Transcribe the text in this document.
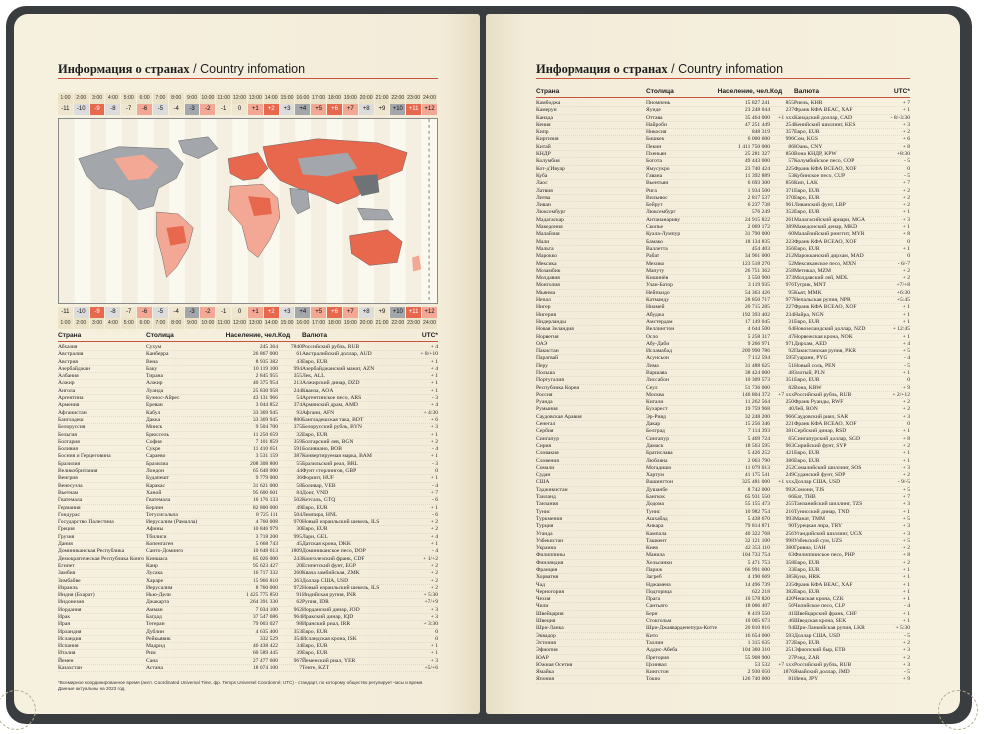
Информация о странах / Country infomation
1:00	2:00	3:00	4:00	5:00	6:00	7:00	8:00	9:00 10:00 11:00 12:00 13:00 14:00 15:00 16:00 17:00 18:00 19:00 20:00 21:00 22:00 23:00 24:00
-11	-10	-9	-8	-7	-6	-5	-4	-3	-2	-1	0	+1	+2	+3	+4	+5	+6	+7	+8	+9	+10 +11 +12
-11	-10	-9	-8	-7	-6	-5	-4	-3	-2	-1	0	+1	+2	+3	+4	+5	+6	+7	+8	+9	+10 +11 +12
1:00	2:00	3:00	4:00	5:00	6:00	7:00	8:00	9:00 10:00 11:00 12:00 13:00 14:00 15:00 16:00 17:00 18:00 19:00 20:00 21:00 22:00 23:00 24:00
Страна	Столица	Население, чел. Код Валюта	UTC*
Абхазия	Сухум	245 364	7840 Российский рубль, RUB	+ 4
Австралия	Канберра	26 867 000	61 Австралийский доллар, AUD	+ 8/+10
Австрия	Вена	8 935 382	43 Евро, EUR	+ 1
Азербайджан	Баку	10 119 100	994 Азербайджанский манат, AZN	+ 4
Албания	Тирана	2 845 955	355 Лек, ALL	+ 1
Алжир	Алжир	40 375 954	213 Алжирский динар, DZD	+ 1
Ангола	Луанда	25 830 958	244 Кванза, AOA	+ 1
Аргентина	Буэнос-Айрес	43 131 966	54 Аргентинское песо, ARS	- 3
Армения	Ереван	3 044 852	374 Армянский драм, AMD	+ 4
Афганистан	Кабул	33 369 945	93 Афгани, AFN	+ 4:30
Бангладеш	Дакка	33 369 945	880 Бангладешская така, BDT	+ 6
Белоруссия	Минск	9 504 700	375 Белорусский рубль, BYN	+ 3
Бельгия	Брюссель	11 250 659	32 Евро, EUR	+ 1
Болгария	София	7 101 859	359 Болгарский лев, BGN	+ 2
Боливия	Сукре	11 410 651	591 Боливиано, BOB	- 4
Босния и Герцеговина	Сараево	3 531 159	387 Конвертируемая марка, BAM	+ 1
Бразилия	Бразилиа	208 308 800	55 Бразильский реал, BRL	- 3
Великобритания	Лондон	65 648 000	44 Фунт стерлингов, GBP	0
Венгрия	Будапешт	9 779 000	36 Форинт, HUF	+ 1
Венесуэла	Каракас	31 621 000	58 Боливар, VEB	- 4
Вьетнам	Ханой	95 600 601	84 Донг, VND	+ 7
Гватемала	Гватемала	16 176 133	502 Кетсаль, GTQ	- 6
Германия	Берлин	82 800 000	49 Евро, EUR	+ 1
Гондурас	Тегусигальпа	8 725 111	504 Лемпира, HNL	- 6
Государство Палестина	Иерусалим (Рамалла)	4 760 008	970 Новый израильский шекель, ILS	+ 2
Греция	Афины	10 846 979	30 Евро, EUR	+ 2
Грузия	Тбилиси	3 718 200	995 Лари, GEL	+ 4
Дания	Копенгаген	5 668 743	45 Датская крона, DKK	+ 1
Доминиканская Республика	Санто-Доминго	10 648 613	1809 Доминиканское песо, DOP	- 4
Демократическая Республика Конго Киншаса	85 026 000	243 Конголезский франк, CDF	+ 1/+2
Египет	Каир	95 623 427	20 Египетский фунт, EGP	+ 2
Замбия	Лусака	16 717 332	260 Квача замбийская, ZMK	+ 2
Зимбабве	Хараре	15 966 810	263 Доллар США, USD	+ 2
Израиль	Иерусалим	8 760 000	972 Новый израильский шекель, ILS	+ 2
Индия (Бхарат)	Нью-Дели	1 425 775 850	91 Индийская рупия, INR	+ 5:30
Индонезия	Джакарта	264 391 330	62 Рупия, IDR	+7/+9
Иордания	Амман	7 034 100	962 Иорданский динар, JOD	+ 3
Ирак	Багдад	37 547 686	964 Иракский динар, IQD	+ 3
Иран	Тегеран	79 003 027	98 Иранский риал, IRR	+ 3:30
Ирландия	Дублин	4 635 400	353 Евро, EUR	0
Исландия	Рейкьявик	332 529	354 Исландская крона, ISK	0
Испания	Мадрид	46 438 422	34 Евро, EUR	+ 1
Италия	Рим	60 589 445	39 Евро, EUR	+ 1
Йемен	Сана	27 477 600	967 Йеменский риал, YER	+ 3
Казахстан	Астана	18 074 100	7 Тенге, KZT	+5/+6
*Всемирное координированное время (англ. Coordinated Universal Time, фр. Temps Universel Coordonné; UTC) - стандарт, по которому общество регулирует часы и время. Данные актуальны на 2023 год.
Информация о странах / Country infomation
Страна	Столица	Население, чел. Код Валюта	UTC*
Камбоджа	Пномпень	15 827 241	855 Риель, KHR	+ 7
Камерун	Яунде	23 248 044	237 Франк КФА ВЕАС, XAF	+ 1
Канада	Оттава	35 464 000	+1 ххх Канадский доллар, CAD	- 8/-3:30
Кения	Найроби	47 251 449	254 Кенийский шиллинг, KES	+ 3
Кипр	Никосия	848 319	357 Евро, EUR	+ 2
Киргизия	Бишкек	6 000 600	996 Сом, KGS	+ 6
Китай	Пекин	1 411 750 000	86 Юань, CNY	+ 8
КНДР	Пхеньян	25 281 327	850 Вона КНДР, KPW	+8:30
Колумбия	Богота	49 443 000	57 Колумбийское песо, COP	- 5
Кот-д'Ивуар	Ямусукро	23 740 424	225 Франк КФА ВСЕАО, XOF	0
Куба	Гавана	11 392 889	53 Кубинское песо, CUP	- 5
Лаос	Вьентьян	6 693 300	856 Кип, LAK	+ 7
Латвия	Рига	1 934 500	371 Евро, EUR	+ 2
Литва	Вильнюс	2 817 537	370 Евро, EUR	+ 2
Ливан	Бейрут	6 237 738	961 Ливанский фунт, LBP	+ 2
Люксембург	Люксембург	576 249	352 Евро, EUR	+ 1
Мадагаскар	Антананариву	24 915 822	261 Малагасийский ариари, MGA	+ 3
Македония	Скопье	2 069 172	389 Македонский денар, MKD	+ 1
Малайзия	Куала-Лумпур	31 790 000	60 Малайзийский ринггит, MYR	+ 8
Мали	Бамако	18 134 835	223 Франк КФА ВСЕАО, XOF	0
Мальта	Валлетта	454 403	356 Евро, EUR	+ 1
Марокко	Рабат	34 961 000	212 Марокканский дирхам, MAD	0
Мексика	Мехико	123 518 270	52 Мексиканское песо, MXN	- 6/-7
Мозамбик	Мапуту	26 751 362	258 Метикал, MZM	+ 2
Молдавия	Кишинёв	3 550 900	373 Молдавский лей, MDL	+ 2
Монголия	Улан-Батор	3 119 935	976 Тугрик, MNT	+7/+8
Мьянма	Нейпьидо	54 363 426	95 Кьят, MMK	+6:30
Непал	Катманду	28 850 717	977 Непальская рупия, NPR	+5:45
Нигер	Ниамей	20 715 285	227 Франк КФА ВСЕАО, XOF	+ 1
Нигерия	Абуджа	192 393 402	234 Найра, NGN	+ 1
Нидерланды	Амстердам	17 149 045	31 Евро, EUR	+ 1
Новая Зеландия	Веллингтон	4 644 500	64 Новозеландский доллар, NZD	+ 12:45
Норвегия	Осло	5 258 317	47 Норвежская крона, NOK	+ 1
ОАЭ	Абу-Даби	9 266 971	971 Дирхам, AED	+ 4
Пакистан	Исламабад	209 990 786	92 Пакистанская рупия, PKR	+ 5
Парагвай	Асунсьон	7 112 594	595 Гуарани, PYG	- 4
Перу	Лима	31 488 625	51 Новый соль, PEN	- 5
Польша	Варшава	38 424 000	48 Злотый, PLN	+ 1
Португалия	Лиссабон	10 309 573	351 Евро, EUR	0
Республика Корея	Сеул	51 736 000	82 Вона, KRW	+ 9
Россия	Москва	146 804 372	+7 ххх Российский рубль, RUB	+ 2/+12
Руанда	Кигали	11 262 564	250 Франк Руанды, RWF	+ 2
Румыния	Бухарест	19 759 968	40 Лей, RON	+ 2
Саудовская Аравия	Эр-Рияд	32 248 200	966 Саудовский риял, SAR	+ 3
Сенегал	Дакар	15 256 346	221 Франк КФА ВСЕАО, XOF	0
Сербия	Белград	7 114 393	381 Сербский динар, RSD	+ 1
Сингапур	Сингапур	5 469 724	65 Сингапурский доллар, SGD	+ 8
Сирия	Дамаск	18 563 595	963 Сирийский фунт, SYP	+ 2
Словакия	Братислава	5 426 252	421 Евро, EUR	+ 1
Словения	Любляна	2 063 790	386 Евро, EUR	+ 1
Сомали	Могадишо	11 079 013	252 Сомалийский шиллинг, SOS	+ 3
Судан	Хартум	41 175 541	249 Суданский фунт, SDP	+ 2
США	Вашингтон	325 481 000	+1 ххх Доллар США, USD	- 9/-5
Таджикистан	Душанбе	8 742 000	992 Сомони, TJS	+ 5
Таиланд	Бангкок	65 931 550	66 Бат, THB	+ 7
Танзания	Додома	55 155 473	255 Танзанийский шиллинг, TZS	+ 3
Тунис	Тунис	10 982 754	216 Тунисский динар, TND	+ 1
Туркмения	Ашхабад	5 438 670	993 Манат, TMM	+ 5
Турция	Анкара	79 814 871	90 Турецкая лира, TRY	+ 3
Уганда	Кампала	40 322 768	256 Угандийский шиллинг, UGX	+ 3
Узбекистан	Ташкент	32 121 100	998 Узбекский сум, UZS	+ 5
Украина	Киев	42 353 110	380 Гривна, UAH	+ 2
Филиппины	Манила	104 733 754	63 Филиппинское песо, PHP	+ 8
Финляндия	Хельсинки	5 471 753	358 Евро, EUR	+ 2
Франция	Париж	66 991 000	33 Евро, EUR	+ 1
Хорватия	Загреб	4 190 669	385 Куна, HRK	+ 1
Чад	Нджамена	14 496 739	235 Франк КФА ВЕАС, XAF	+ 1
Черногория	Подгорица	622 218	382 Евро, EUR	+ 1
Чехия	Прага	10 578 820	420 Чешская крона, CZK	+ 1
Чили	Сантьяго	18 006 407	56 Чилийское песо, CLP	- 4
Швейцария	Берн	8 419 550	41 Швейцарский франк, CHF	+ 1
Швеция	Стокгольм	10 005 673	46 Шведская крона, SEK	+ 1
Шри-Ланка	Шри-Джаяварденепура-Котте	20 810 816	94 Шри-Ланкийская рупия, LKR	+ 5:30
Эквадор	Кито	16 654 000	593 Доллар США, USD	- 5
Эстония	Таллин	1 315 635	372 Евро, EUR	+ 2
Эфиопия	Аддис-Абеба	104 360 310	251 Эфиопский быр, ETB	+ 3
ЮАР	Претория	55 908 900	27 Рэнд, ZAR	+ 2
Южная Осетия	Цхинвал	53 532	+7 ххх Российский рубль, RUB	+ 3
Ямайка	Кингстон	2 930 050	1876 Ямайский доллар, JMD	- 5
Япония	Токио	126 740 000	81 Иена, JPY	+ 9
